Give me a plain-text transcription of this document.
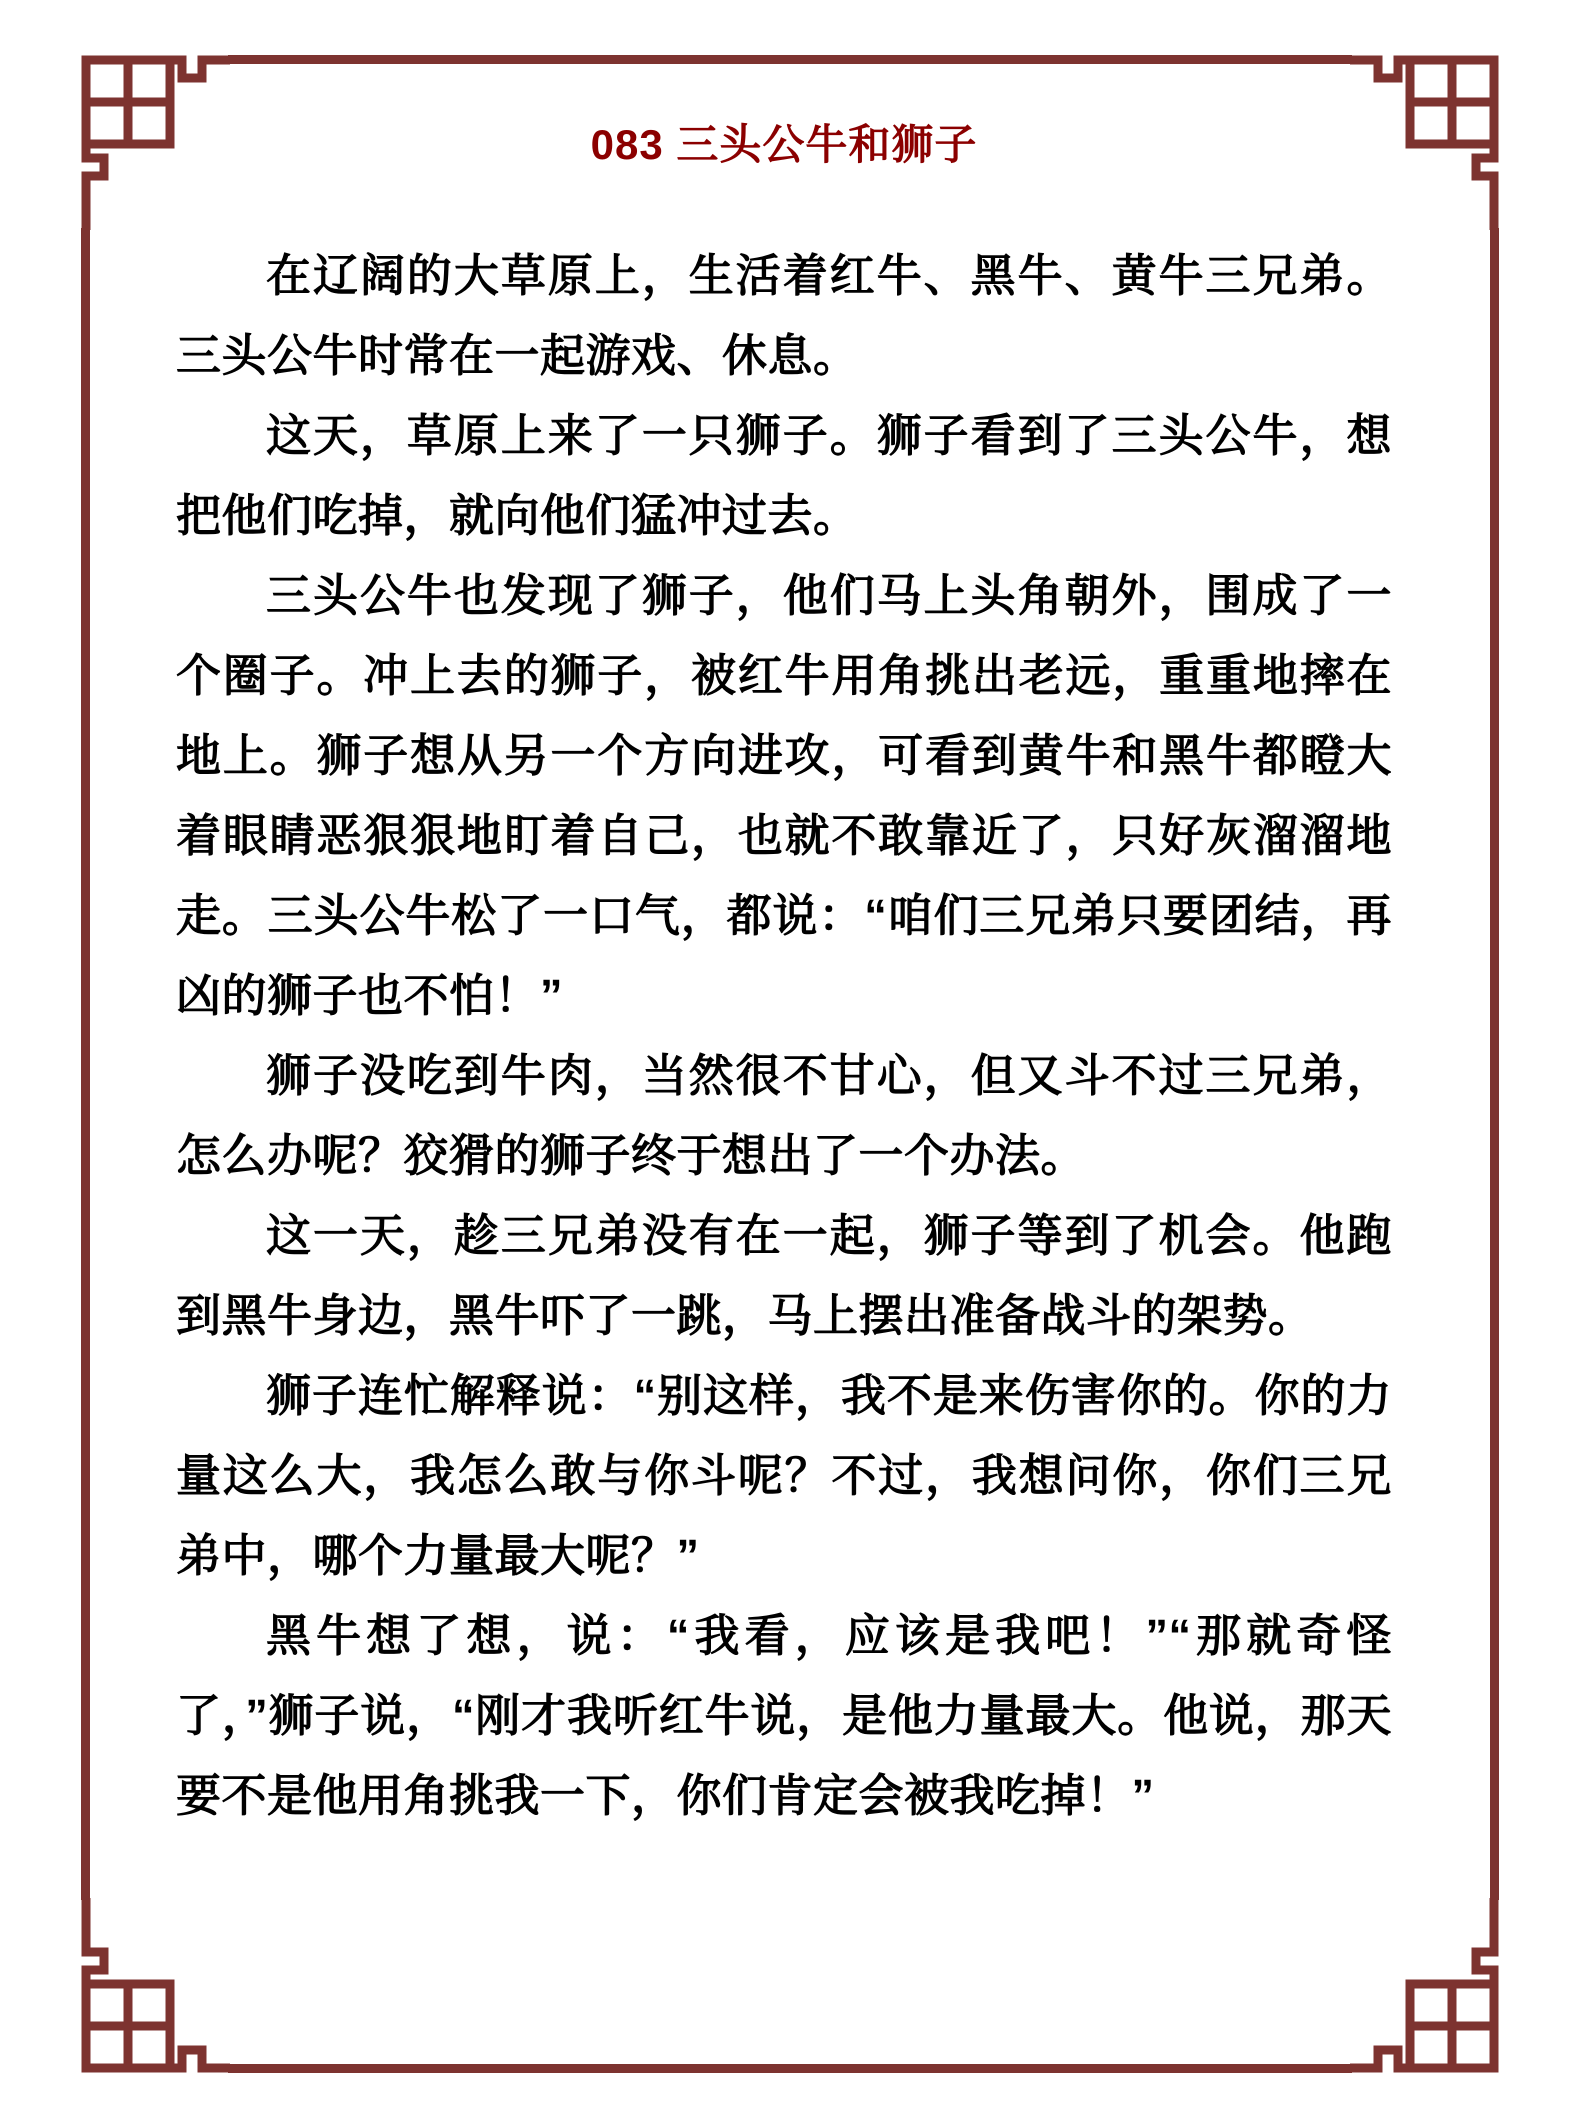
083 三头公牛和狮子

在辽阔的大草原上，生活着红牛、黑牛、黄牛三兄弟。三头公牛时常在一起游戏、休息。

这天，草原上来了一只狮子。狮子看到了三头公牛，想把他们吃掉，就向他们猛冲过去。

三头公牛也发现了狮子，他们马上头角朝外，围成了一个圈子。冲上去的狮子，被红牛用角挑出老远，重重地摔在地上。狮子想从另一个方向进攻，可看到黄牛和黑牛都瞪大着眼睛恶狠狠地盯着自己，也就不敢靠近了，只好灰溜溜地走。三头公牛松了一口气，都说：“咱们三兄弟只要团结，再凶的狮子也不怕！”

狮子没吃到牛肉，当然很不甘心，但又斗不过三兄弟，怎么办呢？狡猾的狮子终于想出了一个办法。

这一天，趁三兄弟没有在一起，狮子等到了机会。他跑到黑牛身边，黑牛吓了一跳，马上摆出准备战斗的架势。

狮子连忙解释说：“别这样，我不是来伤害你的。你的力量这么大，我怎么敢与你斗呢？不过，我想问你，你们三兄弟中，哪个力量最大呢？”

黑牛想了想，说：“我看，应该是我吧！”“那就奇怪了，”狮子说，“刚才我听红牛说，是他力量最大。他说，那天要不是他用角挑我一下，你们肯定会被我吃掉！”
